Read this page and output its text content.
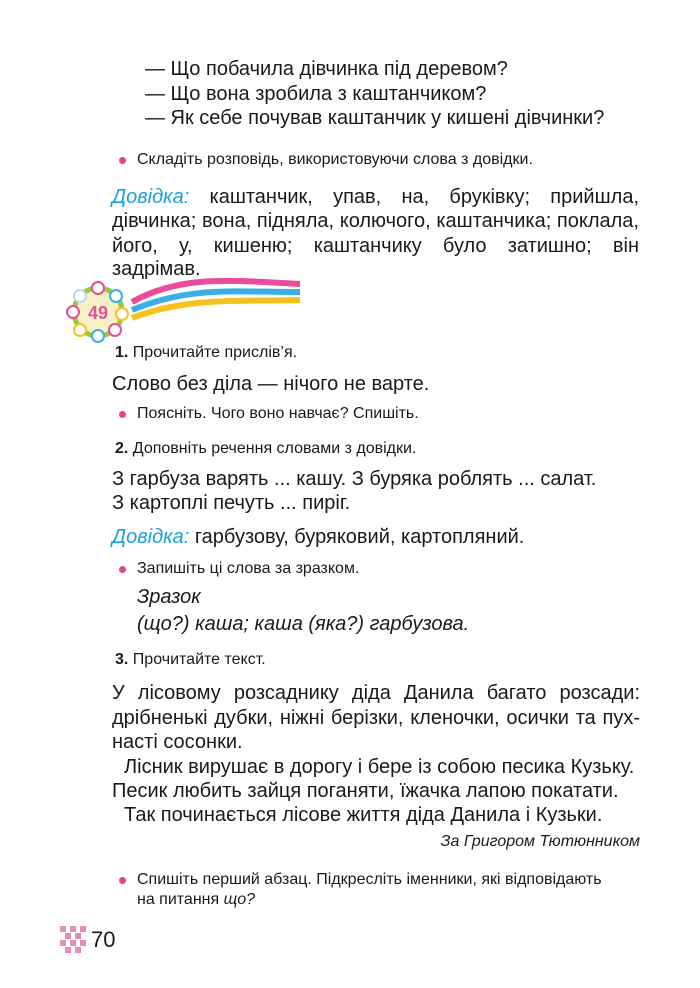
— Що побачила дівчинка під деревом?
— Що вона зробила з каштанчиком?
— Як себе почував каштанчик у кишені дівчинки?
Складіть розповідь, використовуючи слова з довідки.
Довідка: каштанчик, упав, на, бруківку; прийшла,
дівчинка; вона, підняла, колючого, каштанчика; поклала,
його, у, кишеню; каштанчику було затишно; він задрімав.
49
1. Прочитайте прислів’я.
Слово без діла — нічого не варте.
Поясніть. Чого воно навчає? Спишіть.
2. Доповніть речення словами з довідки.
З гарбуза варять ... кашу. З буряка роблять ... салат.
З картоплі печуть ... пиріг.
Довідка: гарбузову, буряковий, картопляний.
Запишіть ці слова за зразком.
Зразок
(що?) каша; каша (яка?) гарбузова.
3. Прочитайте текст.
У лісовому розсаднику діда Данила багато розсади:
дрібненькі дубки, ніжні берізки, кленочки, осички та пух-
насті сосонки.
Лісник вирушає в дорогу і бере із собою песика Кузьку.
Песик любить зайця поганяти, їжачка лапою покатати.
Так починається лісове життя діда Данила і Кузьки.
За Григором Тютюнником
Спишіть перший абзац. Підкресліть іменники, які відповідають
на питання що?
70
